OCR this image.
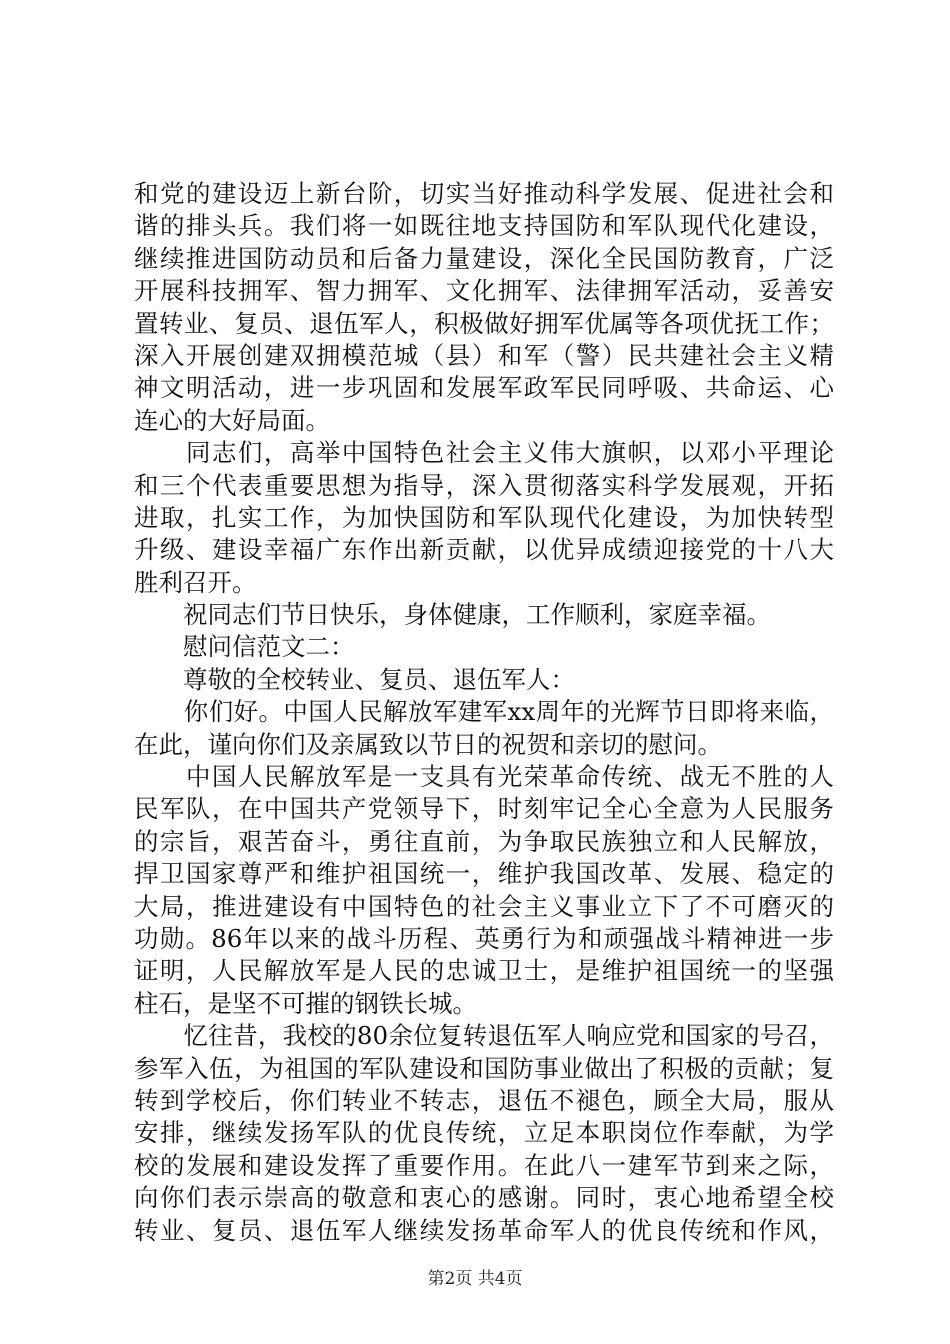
和党的建设迈上新台阶，切实当好推动科学发展、促进社会和
谐的排头兵。我们将一如既往地支持国防和军队现代化建设，
继续推进国防动员和后备力量建设，深化全民国防教育，广泛
开展科技拥军、智力拥军、文化拥军、法律拥军活动，妥善安
置转业、复员、退伍军人，积极做好拥军优属等各项优抚工作；
深入开展创建双拥模范城（县）和军（警）民共建社会主义精
神文明活动，进一步巩固和发展军政军民同呼吸、共命运、心
连心的大好局面。
　　同志们，高举中国特色社会主义伟大旗帜，以邓小平理论
和三个代表重要思想为指导，深入贯彻落实科学发展观，开拓
进取，扎实工作，为加快国防和军队现代化建设，为加快转型
升级、建设幸福广东作出新贡献，以优异成绩迎接党的十八大
胜利召开。
　　祝同志们节日快乐，身体健康，工作顺利，家庭幸福。
　　慰问信范文二：
　　尊敬的全校转业、复员、退伍军人：
　　你们好。中国人民解放军建军xx周年的光辉节日即将来临，
在此，谨向你们及亲属致以节日的祝贺和亲切的慰问。
　　中国人民解放军是一支具有光荣革命传统、战无不胜的人
民军队，在中国共产党领导下，时刻牢记全心全意为人民服务
的宗旨，艰苦奋斗，勇往直前，为争取民族独立和人民解放，
捍卫国家尊严和维护祖国统一，维护我国改革、发展、稳定的
大局，推进建设有中国特色的社会主义事业立下了不可磨灭的
功勋。86年以来的战斗历程、英勇行为和顽强战斗精神进一步
证明，人民解放军是人民的忠诚卫士，是维护祖国统一的坚强
柱石，是坚不可摧的钢铁长城。
　　忆往昔，我校的80余位复转退伍军人响应党和国家的号召，
参军入伍，为祖国的军队建设和国防事业做出了积极的贡献；复
转到学校后，你们转业不转志，退伍不褪色，顾全大局，服从
安排，继续发扬军队的优良传统，立足本职岗位作奉献，为学
校的发展和建设发挥了重要作用。在此八一建军节到来之际，
向你们表示崇高的敬意和衷心的感谢。同时，衷心地希望全校
转业、复员、退伍军人继续发扬革命军人的优良传统和作风，
第2页 共4页
